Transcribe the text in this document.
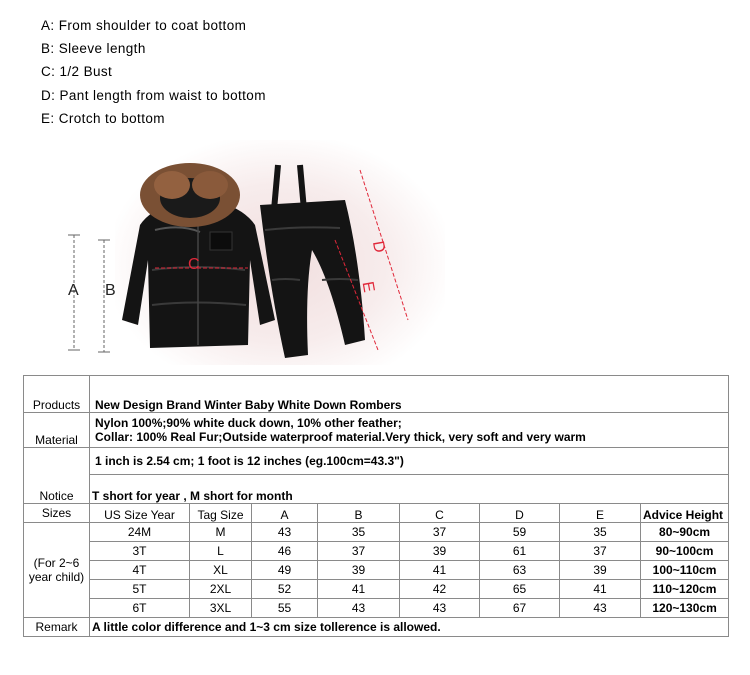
A: From shoulder to coat bottom
B: Sleeve length
C: 1/2 Bust
D: Pant length from waist to bottom
E: Crotch to bottom
A B
C
D
E
Products	New Design Brand Winter Baby White Down Rombers							
Material	Nylon 100%;90% white duck down, 10% other feather;
Collar: 100% Real Fur;Outside waterproof material.Very thick, very soft and very warm							

Notice	1 inch is 2.54 cm; 1 foot is 12 inches (eg.100cm=43.3")							
	T short for year , M short for month							
Sizes	US Size Year	Tag Size	A	B	C	D	E	Advice Height
(For 2~6 year child)								
	24M	M	43	35	37	59	35	80~90cm
	3T	L	46	37	39	61	37	90~100cm
	4T	XL	49	39	41	63	39	100~110cm
	5T	2XL	52	41	42	65	41	110~120cm
	6T	3XL	55	43	43	67	43	120~130cm
Remark	A little color difference and 1~3 cm size tollerence is allowed.							
